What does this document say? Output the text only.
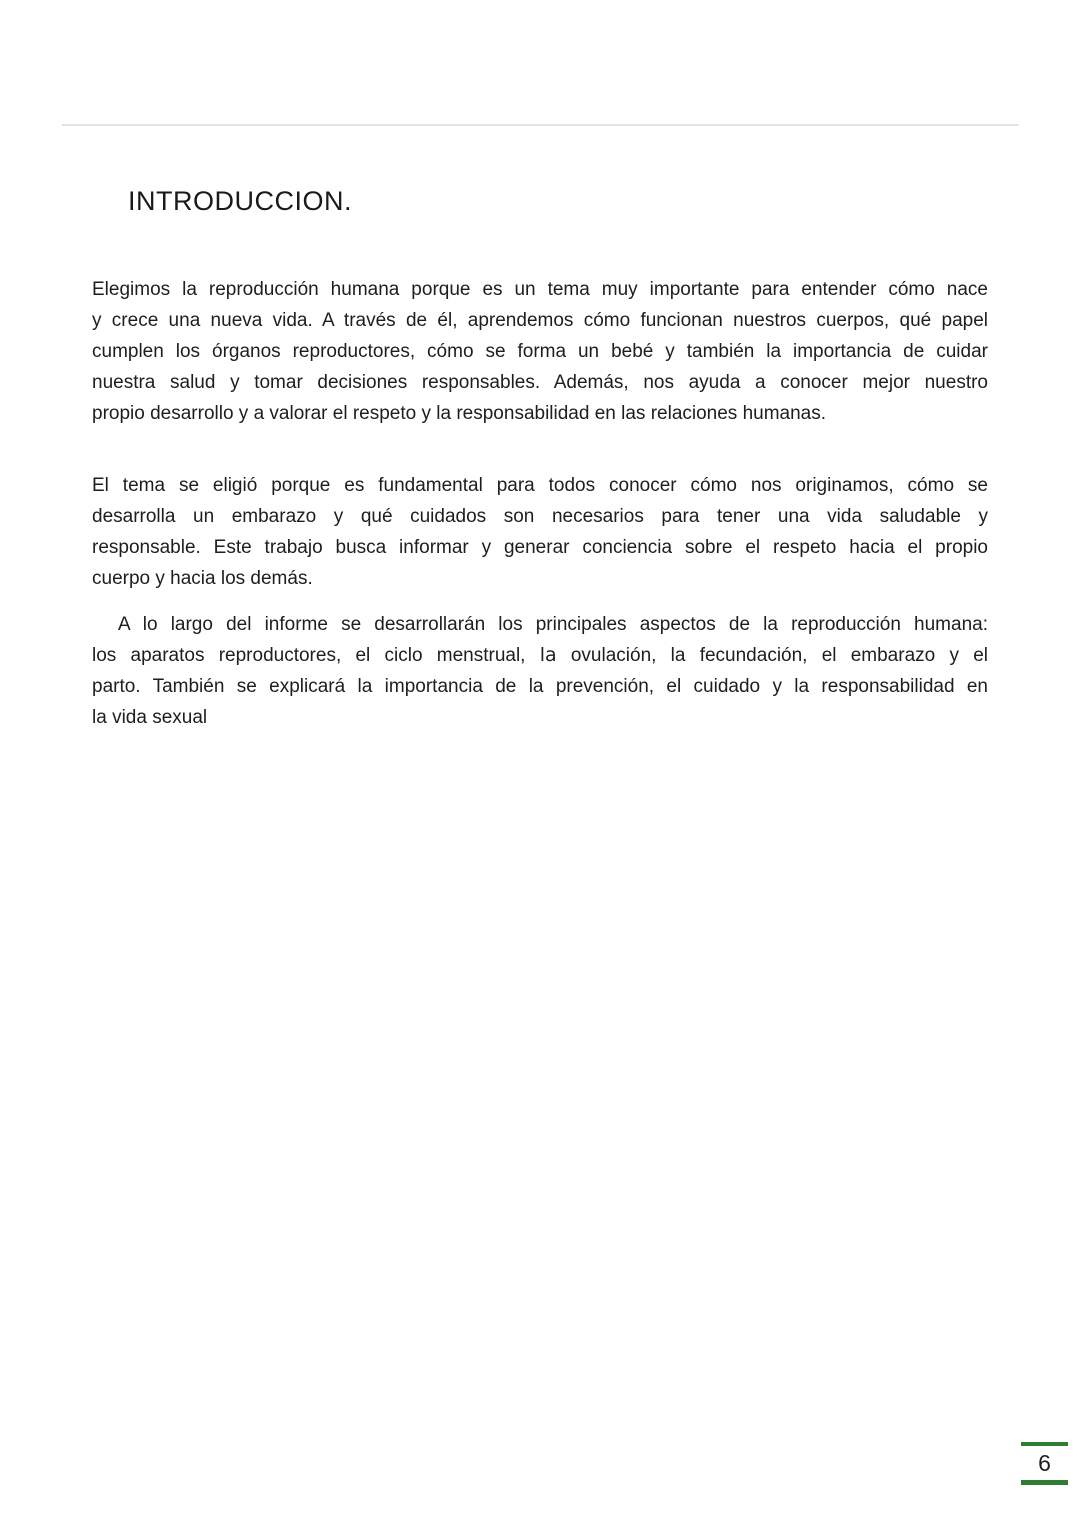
INTRODUCCION.
Elegimos la reproducción humana porque es un tema muy importante para entender cómo nace
y crece una nueva vida. A través de él, aprendemos cómo funcionan nuestros cuerpos, qué papel
cumplen los órganos reproductores, cómo se forma un bebé y también la importancia de cuidar
nuestra salud y tomar decisiones responsables. Además, nos ayuda a conocer mejor nuestro
propio desarrollo y a valorar el respeto y la responsabilidad en las relaciones humanas.
El tema se eligió porque es fundamental para todos conocer cómo nos originamos, cómo se
desarrolla un embarazo y qué cuidados son necesarios para tener una vida saludable y
responsable. Este trabajo busca informar y generar conciencia sobre el respeto hacia el propio
cuerpo y hacia los demás.
A lo largo del informe se desarrollarán los principales aspectos de la reproducción humana:
los aparatos reproductores, el ciclo menstrual, la ovulación, la fecundación, el embarazo y el
parto. También se explicará la importancia de la prevención, el cuidado y la responsabilidad en
la vida sexual
6
